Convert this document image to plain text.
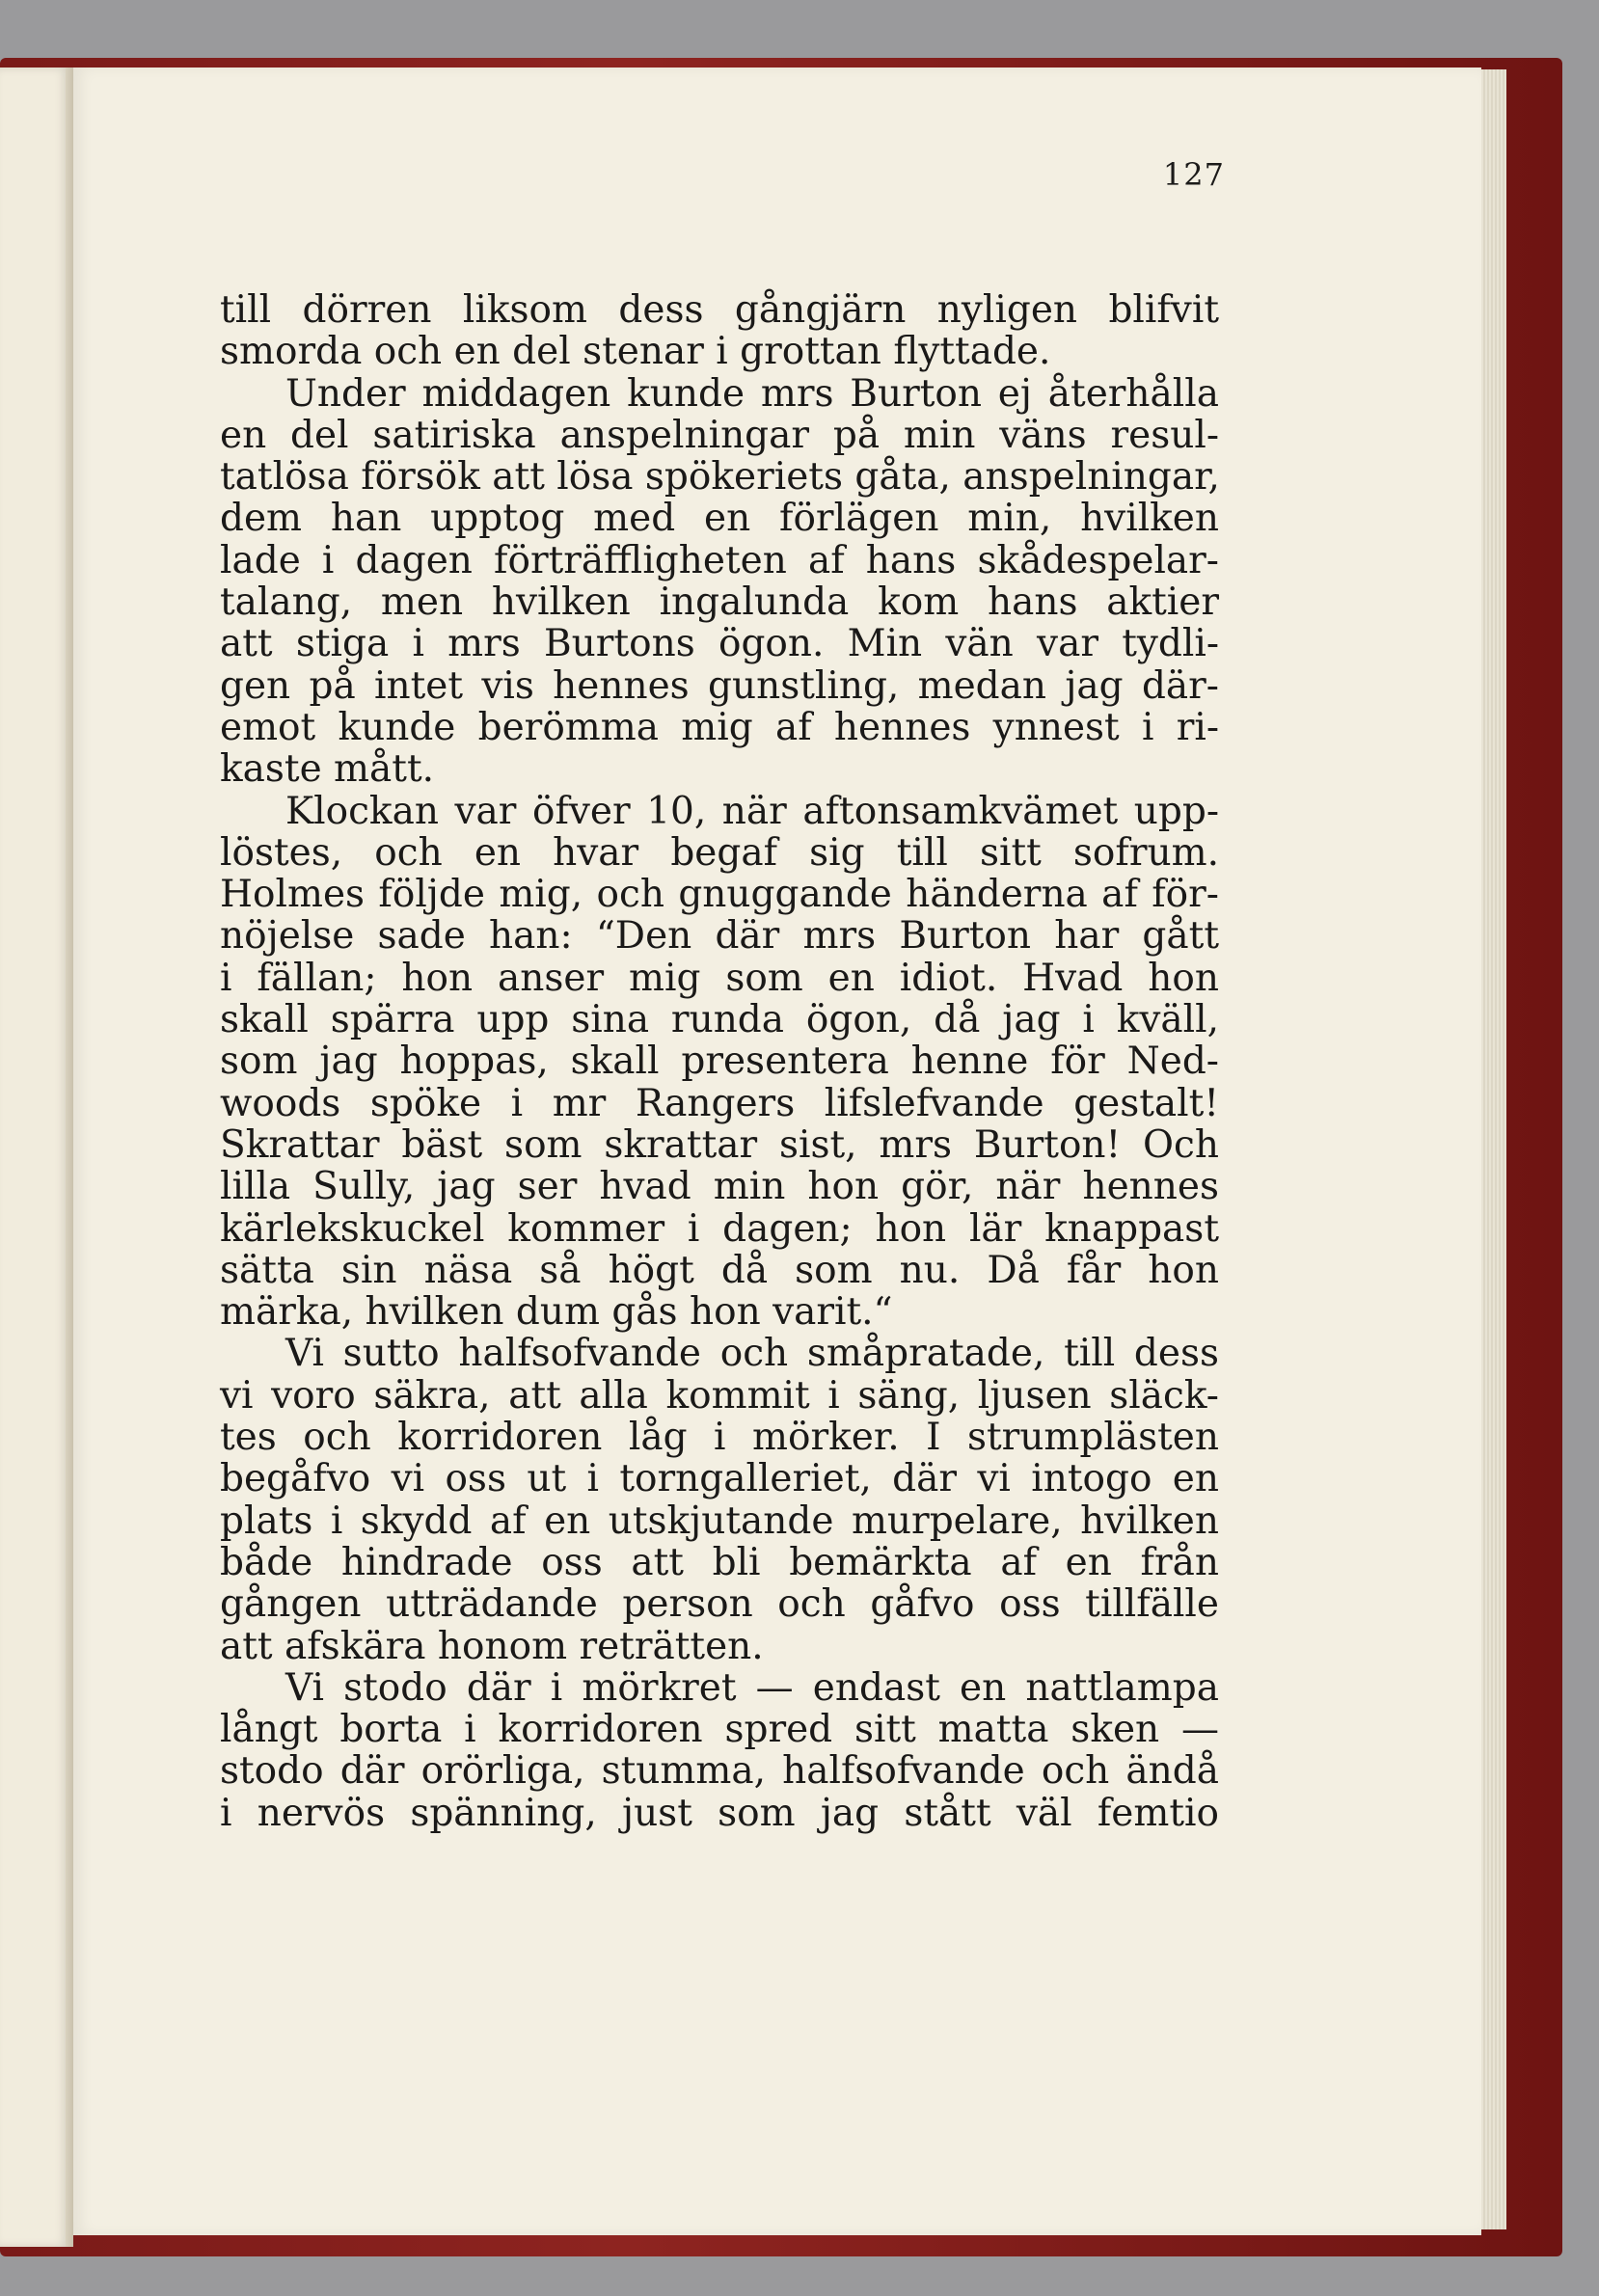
127
till dörren liksom dess gångjärn nyligen blifvit
smorda och en del stenar i grottan flyttade.
Under middagen kunde mrs Burton ej återhålla
en del satiriska anspelningar på min väns resul-
tatlösa försök att lösa spökeriets gåta, anspelningar,
dem han upptog med en förlägen min, hvilken
lade i dagen förträffligheten af hans skådespelar-
talang, men hvilken ingalunda kom hans aktier
att stiga i mrs Burtons ögon. Min vän var tydli-
gen på intet vis hennes gunstling, medan jag där-
emot kunde berömma mig af hennes ynnest i ri-
kaste mått.
Klockan var öfver 10, när aftonsamkvämet upp-
löstes, och en hvar begaf sig till sitt sofrum.
Holmes följde mig, och gnuggande händerna af för-
nöjelse sade han: “Den där mrs Burton har gått
i fällan; hon anser mig som en idiot. Hvad hon
skall spärra upp sina runda ögon, då jag i kväll,
som jag hoppas, skall presentera henne för Ned-
woods spöke i mr Rangers lifslefvande gestalt!
Skrattar bäst som skrattar sist, mrs Burton! Och
lilla Sully, jag ser hvad min hon gör, när hennes
kärlekskuckel kommer i dagen; hon lär knappast
sätta sin näsa så högt då som nu. Då får hon
märka, hvilken dum gås hon varit.“
Vi sutto halfsofvande och småpratade, till dess
vi voro säkra, att alla kommit i säng, ljusen släck-
tes och korridoren låg i mörker. I strumplästen
begåfvo vi oss ut i torngalleriet, där vi intogo en
plats i skydd af en utskjutande murpelare, hvilken
både hindrade oss att bli bemärkta af en från
gången utträdande person och gåfvo oss tillfälle
att afskära honom reträtten.
Vi stodo där i mörkret — endast en nattlampa
långt borta i korridoren spred sitt matta sken —
stodo där orörliga, stumma, halfsofvande och ändå
i nervös spänning, just som jag stått väl femtio
